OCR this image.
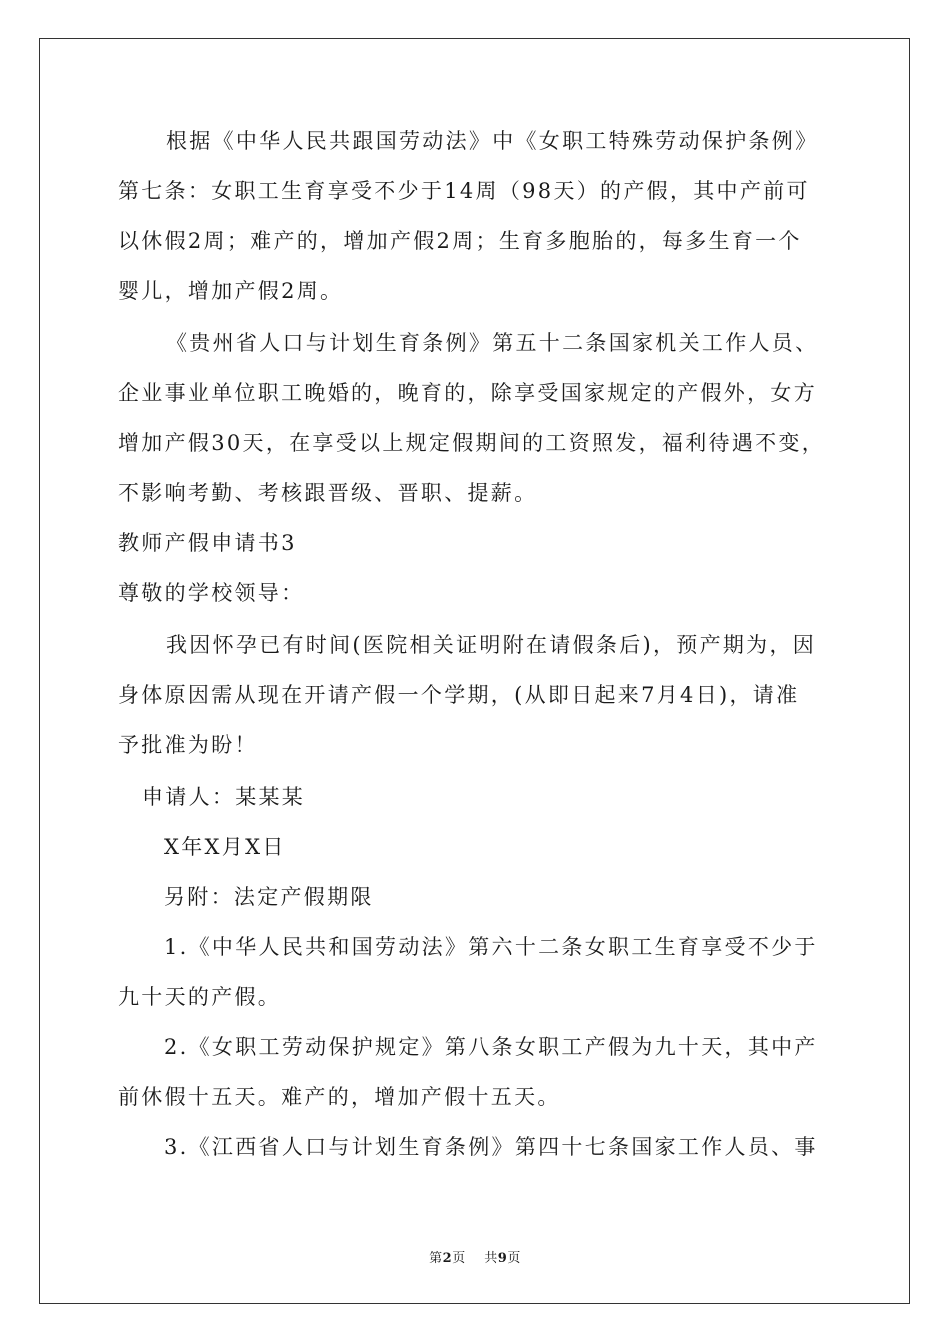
根据《中华人民共跟国劳动法》中《女职工特殊劳动保护条例》
第七条：女职工生育享受不少于14周（98天）的产假，其中产前可
以休假2周；难产的，增加产假2周；生育多胞胎的，每多生育一个
婴儿，增加产假2周。
《贵州省人口与计划生育条例》第五十二条国家机关工作人员、
企业事业单位职工晚婚的，晚育的，除享受国家规定的产假外，女方
增加产假30天，在享受以上规定假期间的工资照发，福利待遇不变，
不影响考勤、考核跟晋级、晋职、提薪。
教师产假申请书3
尊敬的学校领导：
我因怀孕已有时间(医院相关证明附在请假条后)，预产期为，因
身体原因需从现在开请产假一个学期，(从即日起来7月4日)，请准
予批准为盼！
申请人：某某某
X年X月X日
另附：法定产假期限
1.《中华人民共和国劳动法》第六十二条女职工生育享受不少于
九十天的产假。
2.《女职工劳动保护规定》第八条女职工产假为九十天，其中产
前休假十五天。难产的，增加产假十五天。
3.《江西省人口与计划生育条例》第四十七条国家工作人员、事
第2页 共9页
